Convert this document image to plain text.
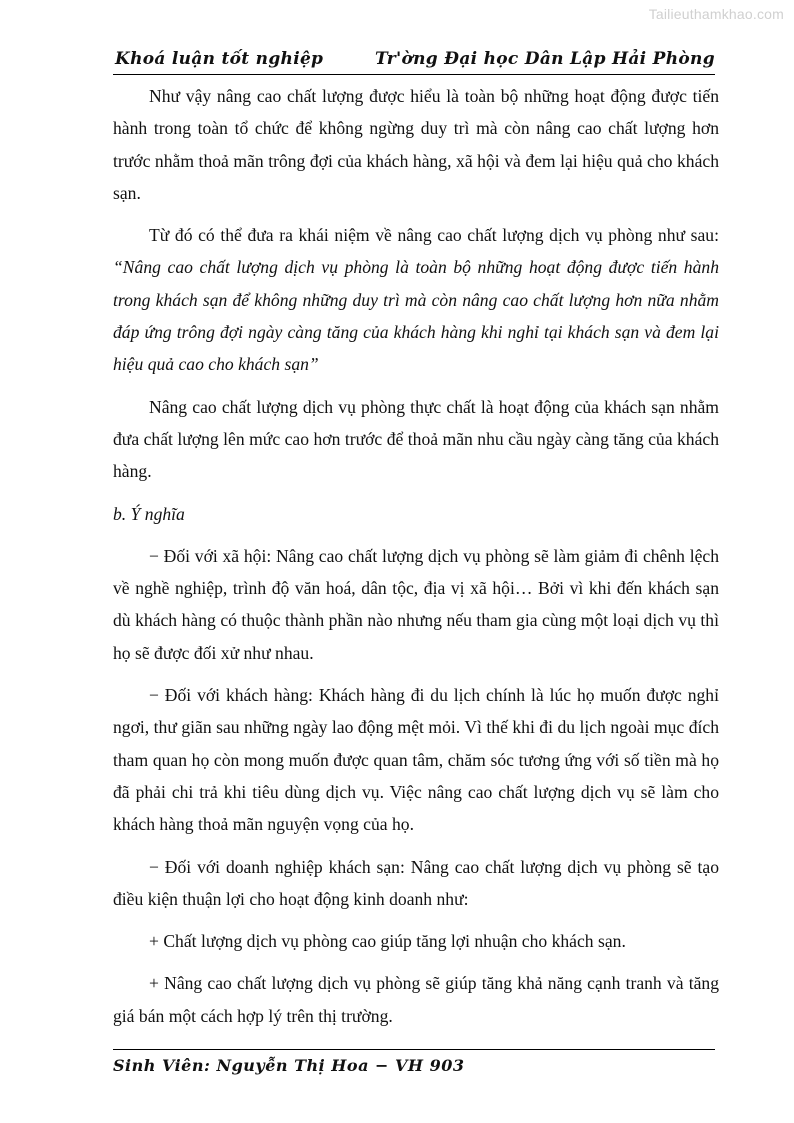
Tailieuthamkhao.com
Khoá luận tốt nghiệp	Tr'ờng Đại học Dân Lập Hải Phòng

Như vậy nâng cao chất lượng được hiểu là toàn bộ những hoạt động được tiến hành trong toàn tổ chức để không ngừng duy trì mà còn nâng cao chất lượng hơn trước nhằm thoả mãn trông đợi của khách hàng, xã hội và đem lại hiệu quả cho khách sạn.

Từ đó có thể đưa ra khái niệm về nâng cao chất lượng dịch vụ phòng như sau: “Nâng cao chất lượng dịch vụ phòng là toàn bộ những hoạt động được tiến hành trong khách sạn để không những duy trì mà còn nâng cao chất lượng hơn nữa nhằm đáp ứng trông đợi ngày càng tăng của khách hàng khi nghỉ tại khách sạn và đem lại hiệu quả cao cho khách sạn”

Nâng cao chất lượng dịch vụ phòng thực chất là hoạt động của khách sạn nhằm đưa chất lượng lên mức cao hơn trước để thoả mãn nhu cầu ngày càng tăng của khách hàng.

b. Ý nghĩa

− Đối với xã hội: Nâng cao chất lượng dịch vụ phòng sẽ làm giảm đi chênh lệch về nghề nghiệp, trình độ văn hoá, dân tộc, địa vị xã hội… Bởi vì khi đến khách sạn dù khách hàng có thuộc thành phần nào nhưng nếu tham gia cùng một loại dịch vụ thì họ sẽ được đối xử như nhau.

− Đối với khách hàng: Khách hàng đi du lịch chính là lúc họ muốn được nghỉ ngơi, thư giãn sau những ngày lao động mệt mỏi. Vì thế khi đi du lịch ngoài mục đích tham quan họ còn mong muốn được quan tâm, chăm sóc tương ứng với số tiền mà họ đã phải chi trả khi tiêu dùng dịch vụ. Việc nâng cao chất lượng dịch vụ sẽ làm cho khách hàng thoả mãn nguyện vọng của họ.

− Đối với doanh nghiệp khách sạn: Nâng cao chất lượng dịch vụ phòng sẽ tạo điều kiện thuận lợi cho hoạt động kinh doanh như:

+ Chất lượng dịch vụ phòng cao giúp tăng lợi nhuận cho khách sạn.

+ Nâng cao chất lượng dịch vụ phòng sẽ giúp tăng khả năng cạnh tranh và tăng giá bán một cách hợp lý trên thị trường.

Sinh Viên: Nguyễn Thị Hoa − VH 903
